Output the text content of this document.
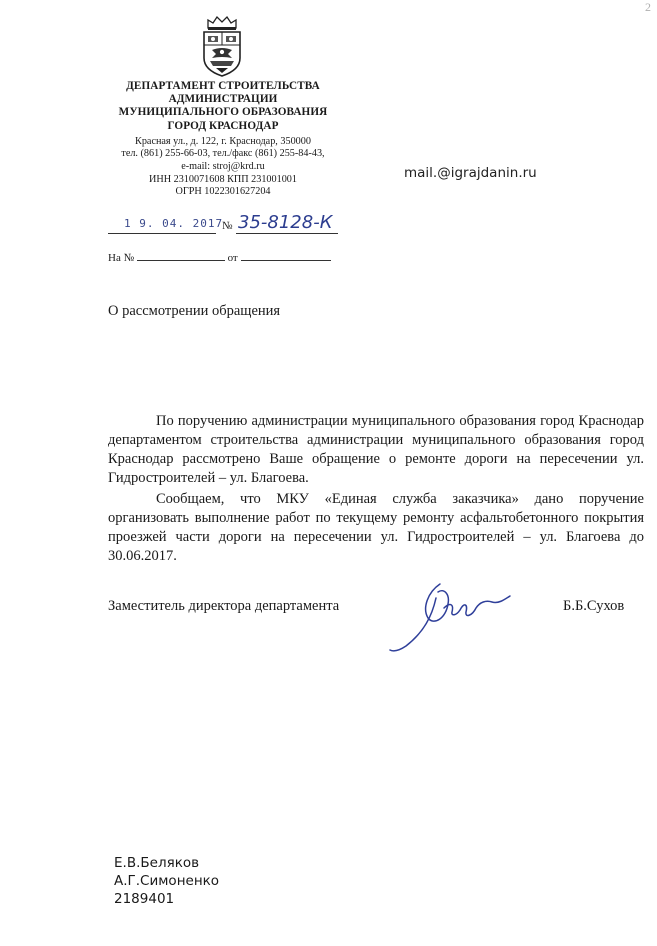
2
ДЕПАРТАМЕНТ СТРОИТЕЛЬСТВА
АДМИНИСТРАЦИИ
МУНИЦИПАЛЬНОГО ОБРАЗОВАНИЯ
ГОРОД КРАСНОДАР
Красная ул., д. 122, г. Краснодар, 350000
тел. (861) 255-66-03, тел./факс (861) 255-84-43,
e-mail: stroj@krd.ru
ИНН 2310071608 КПП 231001001
ОГРН 1022301627204
mail.@igrajdanin.ru
1 9. 04. 2017
№ 35-8128-К
На №	от
О рассмотрении обращения

По поручению администрации муниципального образования город Краснодар департаментом строительства администрации муниципального образования город Краснодар рассмотрено Ваше обращение о ремонте дороги на пересечении ул. Гидростроителей – ул. Благоева.

Сообщаем, что МКУ «Единая служба заказчика» дано поручение организовать выполнение работ по текущему ремонту асфальтобетонного покрытия проезжей части дороги на пересечении ул. Гидростроителей – ул. Благоева до 30.06.2017.

Заместитель директора департамента	Б.Б.Сухов
Е.В.Беляков
А.Г.Симоненко
2189401
